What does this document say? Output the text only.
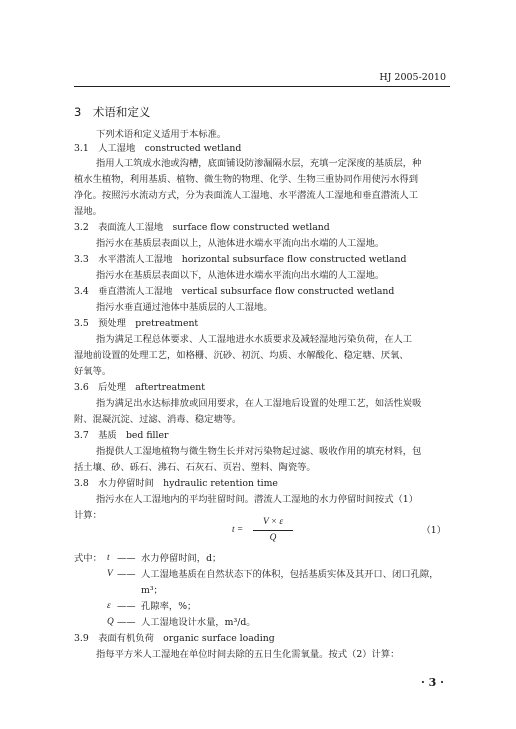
HJ 2005-2010
3　术语和定义
下列术语和定义适用于本标准。
3.1　人工湿地　constructed wetland
指用人工筑成水池或沟槽，底面铺设防渗漏隔水层，充填一定深度的基质层，种
植水生植物，利用基质、植物、微生物的物理、化学、生物三重协同作用使污水得到
净化。按照污水流动方式，分为表面流人工湿地、水平潜流人工湿地和垂直潜流人工
湿地。
3.2　表面流人工湿地　surface flow constructed wetland
指污水在基质层表面以上，从池体进水端水平流向出水端的人工湿地。
3.3　水平潜流人工湿地　horizontal subsurface flow constructed wetland
指污水在基质层表面以下，从池体进水端水平流向出水端的人工湿地。
3.4　垂直潜流人工湿地　vertical subsurface flow constructed wetland
指污水垂直通过池体中基质层的人工湿地。
3.5　预处理　pretreatment
指为满足工程总体要求、人工湿地进水水质要求及减轻湿地污染负荷，在人工
湿地前设置的处理工艺，如格栅、沉砂、初沉、均质、水解酸化、稳定塘、厌氧、
好氧等。
3.6　后处理　aftertreatment
指为满足出水达标排放或回用要求，在人工湿地后设置的处理工艺，如活性炭吸
附、混凝沉淀、过滤、消毒、稳定塘等。
3.7　基质　bed filler
指提供人工湿地植物与微生物生长并对污染物起过滤、吸收作用的填充材料，包
括土壤、砂、砾石、沸石、石灰石、页岩、塑料、陶瓷等。
3.8　水力停留时间　hydraulic retention time
指污水在人工湿地内的平均驻留时间。潜流人工湿地的水力停留时间按式（1）
计算：
$t = \frac{V \times \varepsilon}{Q}$	（1）
式中： t —— 水力停留时间，d；
V —— 人工湿地基质在自然状态下的体积，包括基质实体及其开口、闭口孔隙，
m³；
ε —— 孔隙率，%；
Q —— 人工湿地设计水量，m³/d。
3.9　表面有机负荷　organic surface loading
指每平方米人工湿地在单位时间去除的五日生化需氧量。按式（2）计算：
· 3 ·
